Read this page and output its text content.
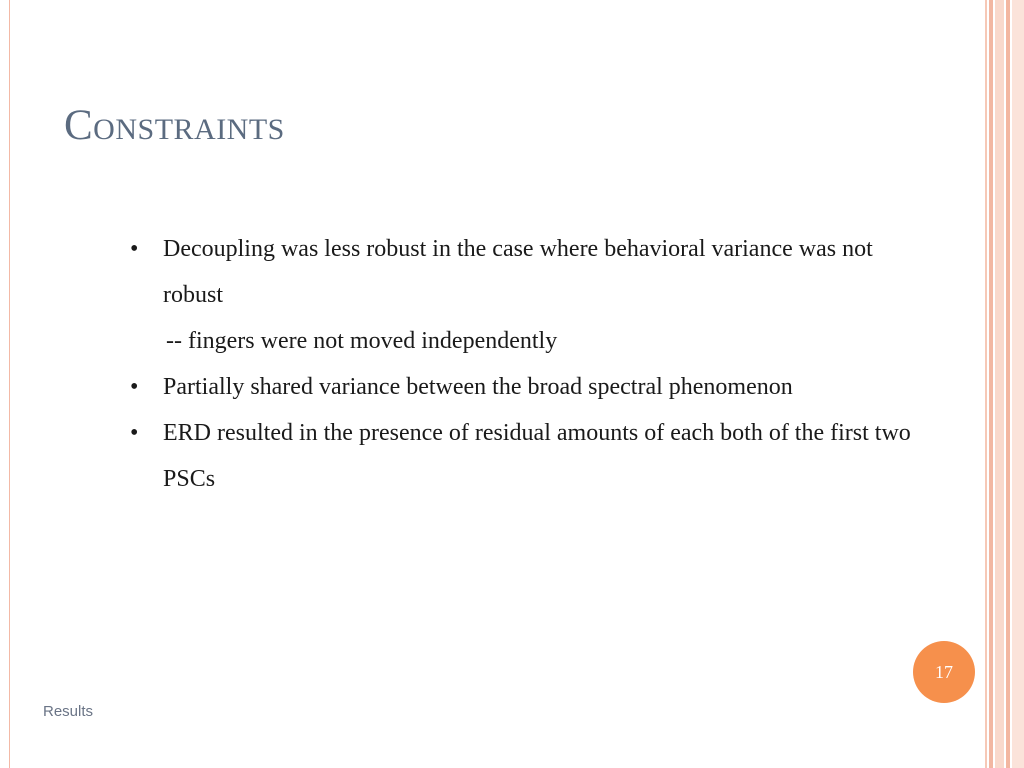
Constraints
•	Decoupling was less robust in the case where behavioral variance was not robust
-- fingers were not moved independently
•	Partially shared variance between the broad spectral phenomenon
•	ERD resulted in the presence of residual amounts of each both of the first two PSCs
17
Results
